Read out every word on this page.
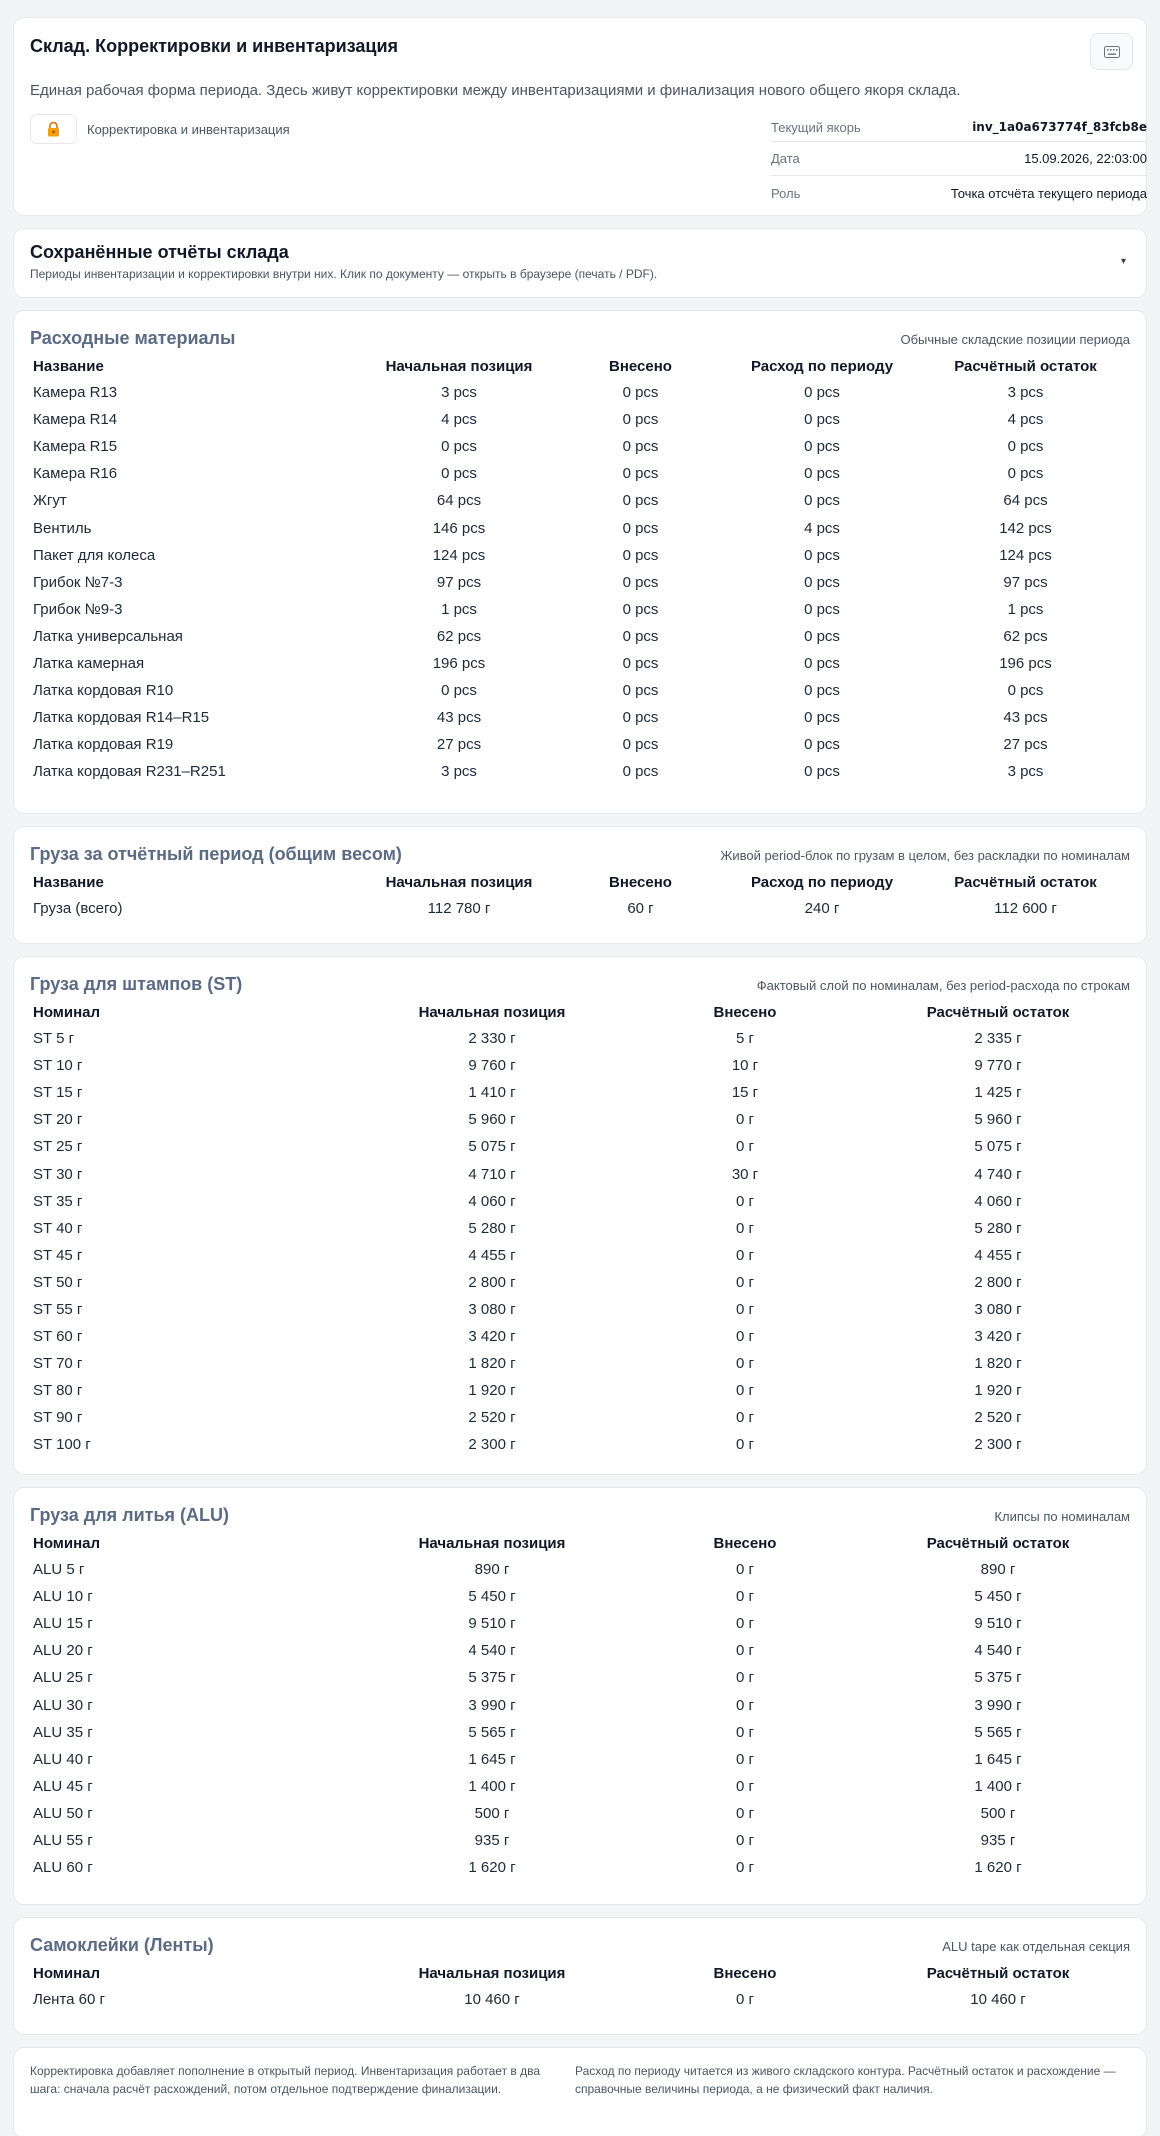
Склад. Корректировки и инвентаризация
Единая рабочая форма периода. Здесь живут корректировки между инвентаризациями и финализация нового общего якоря склада.
Корректировка и инвентаризация	Текущий якорь	inv_1a0a673774f_83fcb8e
Дата	15.09.2026, 22:03:00
Роль	Точка отсчёта текущего периода
Сохранённые отчёты склада
Периоды инвентаризации и корректировки внутри них. Клик по документу — открыть в браузере (печать / PDF).
▾
Расходные материалы	Обычные складские позиции периода
Название	Начальная позиция	Внесено	Расход по периоду	Расчётный остаток
Камера R13	3 pcs	0 pcs	0 pcs	3 pcs
Камера R14	4 pcs	0 pcs	0 pcs	4 pcs
Камера R15	0 pcs	0 pcs	0 pcs	0 pcs
Камера R16	0 pcs	0 pcs	0 pcs	0 pcs
Жгут	64 pcs	0 pcs	0 pcs	64 pcs
Вентиль	146 pcs	0 pcs	4 pcs	142 pcs
Пакет для колеса	124 pcs	0 pcs	0 pcs	124 pcs
Грибок №7-3	97 pcs	0 pcs	0 pcs	97 pcs
Грибок №9-3	1 pcs	0 pcs	0 pcs	1 pcs
Латка универсальная	62 pcs	0 pcs	0 pcs	62 pcs
Латка камерная	196 pcs	0 pcs	0 pcs	196 pcs
Латка кордовая R10	0 pcs	0 pcs	0 pcs	0 pcs
Латка кордовая R14–R15	43 pcs	0 pcs	0 pcs	43 pcs
Латка кордовая R19	27 pcs	0 pcs	0 pcs	27 pcs
Латка кордовая R231–R251	3 pcs	0 pcs	0 pcs	3 pcs
Груза за отчётный период (общим весом)	Живой period-блок по грузам в целом, без раскладки по номиналам
Название	Начальная позиция	Внесено	Расход по периоду	Расчётный остаток
Груза (всего)	112 780 г	60 г	240 г	112 600 г
Груза для штампов (ST)	Фактовый слой по номиналам, без period-расхода по строкам
Номинал	Начальная позиция	Внесено	Расчётный остаток
ST 5 г	2 330 г	5 г	2 335 г
ST 10 г	9 760 г	10 г	9 770 г
ST 15 г	1 410 г	15 г	1 425 г
ST 20 г	5 960 г	0 г	5 960 г
ST 25 г	5 075 г	0 г	5 075 г
ST 30 г	4 710 г	30 г	4 740 г
ST 35 г	4 060 г	0 г	4 060 г
ST 40 г	5 280 г	0 г	5 280 г
ST 45 г	4 455 г	0 г	4 455 г
ST 50 г	2 800 г	0 г	2 800 г
ST 55 г	3 080 г	0 г	3 080 г
ST 60 г	3 420 г	0 г	3 420 г
ST 70 г	1 820 г	0 г	1 820 г
ST 80 г	1 920 г	0 г	1 920 г
ST 90 г	2 520 г	0 г	2 520 г
ST 100 г	2 300 г	0 г	2 300 г
Груза для литья (ALU)	Клипсы по номиналам
Номинал	Начальная позиция	Внесено	Расчётный остаток
ALU 5 г	890 г	0 г	890 г
ALU 10 г	5 450 г	0 г	5 450 г
ALU 15 г	9 510 г	0 г	9 510 г
ALU 20 г	4 540 г	0 г	4 540 г
ALU 25 г	5 375 г	0 г	5 375 г
ALU 30 г	3 990 г	0 г	3 990 г
ALU 35 г	5 565 г	0 г	5 565 г
ALU 40 г	1 645 г	0 г	1 645 г
ALU 45 г	1 400 г	0 г	1 400 г
ALU 50 г	500 г	0 г	500 г
ALU 55 г	935 г	0 г	935 г
ALU 60 г	1 620 г	0 г	1 620 г
Самоклейки (Ленты)	ALU tape как отдельная секция
Номинал	Начальная позиция	Внесено	Расчётный остаток
Лента 60 г	10 460 г	0 г	10 460 г
Корректировка добавляет пополнение в открытый период. Инвентаризация работает в два шага: сначала расчёт расхождений, потом отдельное подтверждение финализации.
Расход по периоду читается из живого складского контура. Расчётный остаток и расхождение — справочные величины периода, а не физический факт наличия.
